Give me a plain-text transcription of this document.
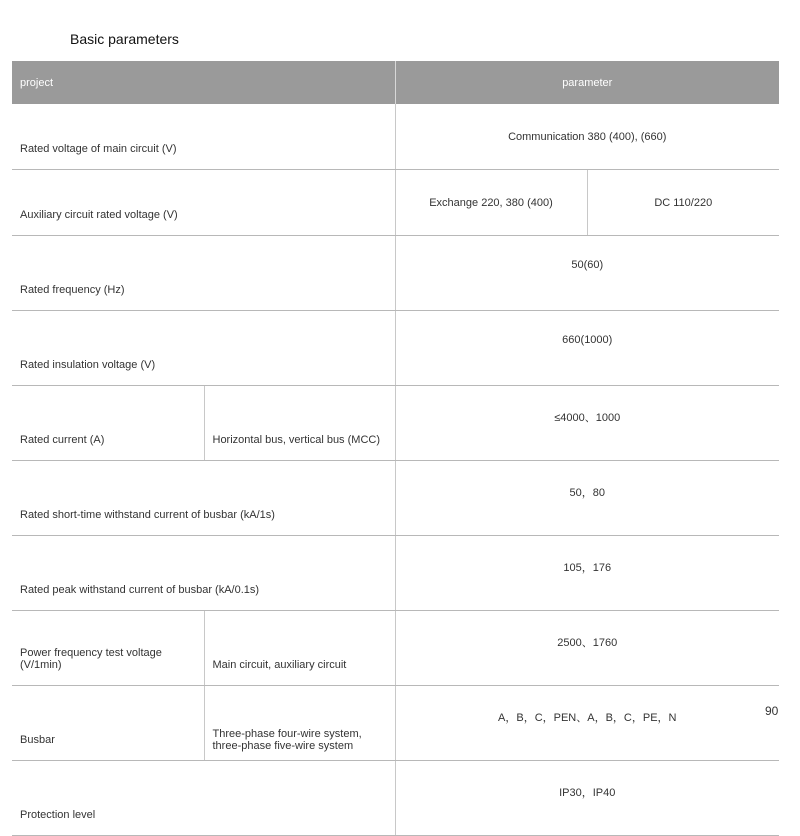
Basic parameters
project		parameter	
Rated voltage of main circuit (V)		Communication 380 (400), (660)	
Auxiliary circuit rated voltage (V)		Exchange 220, 380 (400)	DC 110/220
Rated frequency (Hz)		50(60)	
Rated insulation voltage (V)		660(1000)	
Rated current (A)	Horizontal bus, vertical bus (MCC)	≤4000、1000	
Rated short-time withstand current of busbar (kA/1s)		50，80	
Rated peak withstand current of busbar (kA/0.1s)		105，176	
Power frequency test voltage (V/1min)	Main circuit, auxiliary circuit	2500、1760	
Busbar	Three-phase four-wire system, three-phase five-wire system	A，B，C，PEN、A，B，C，PE，N	
Protection level		IP30，IP40	
90
